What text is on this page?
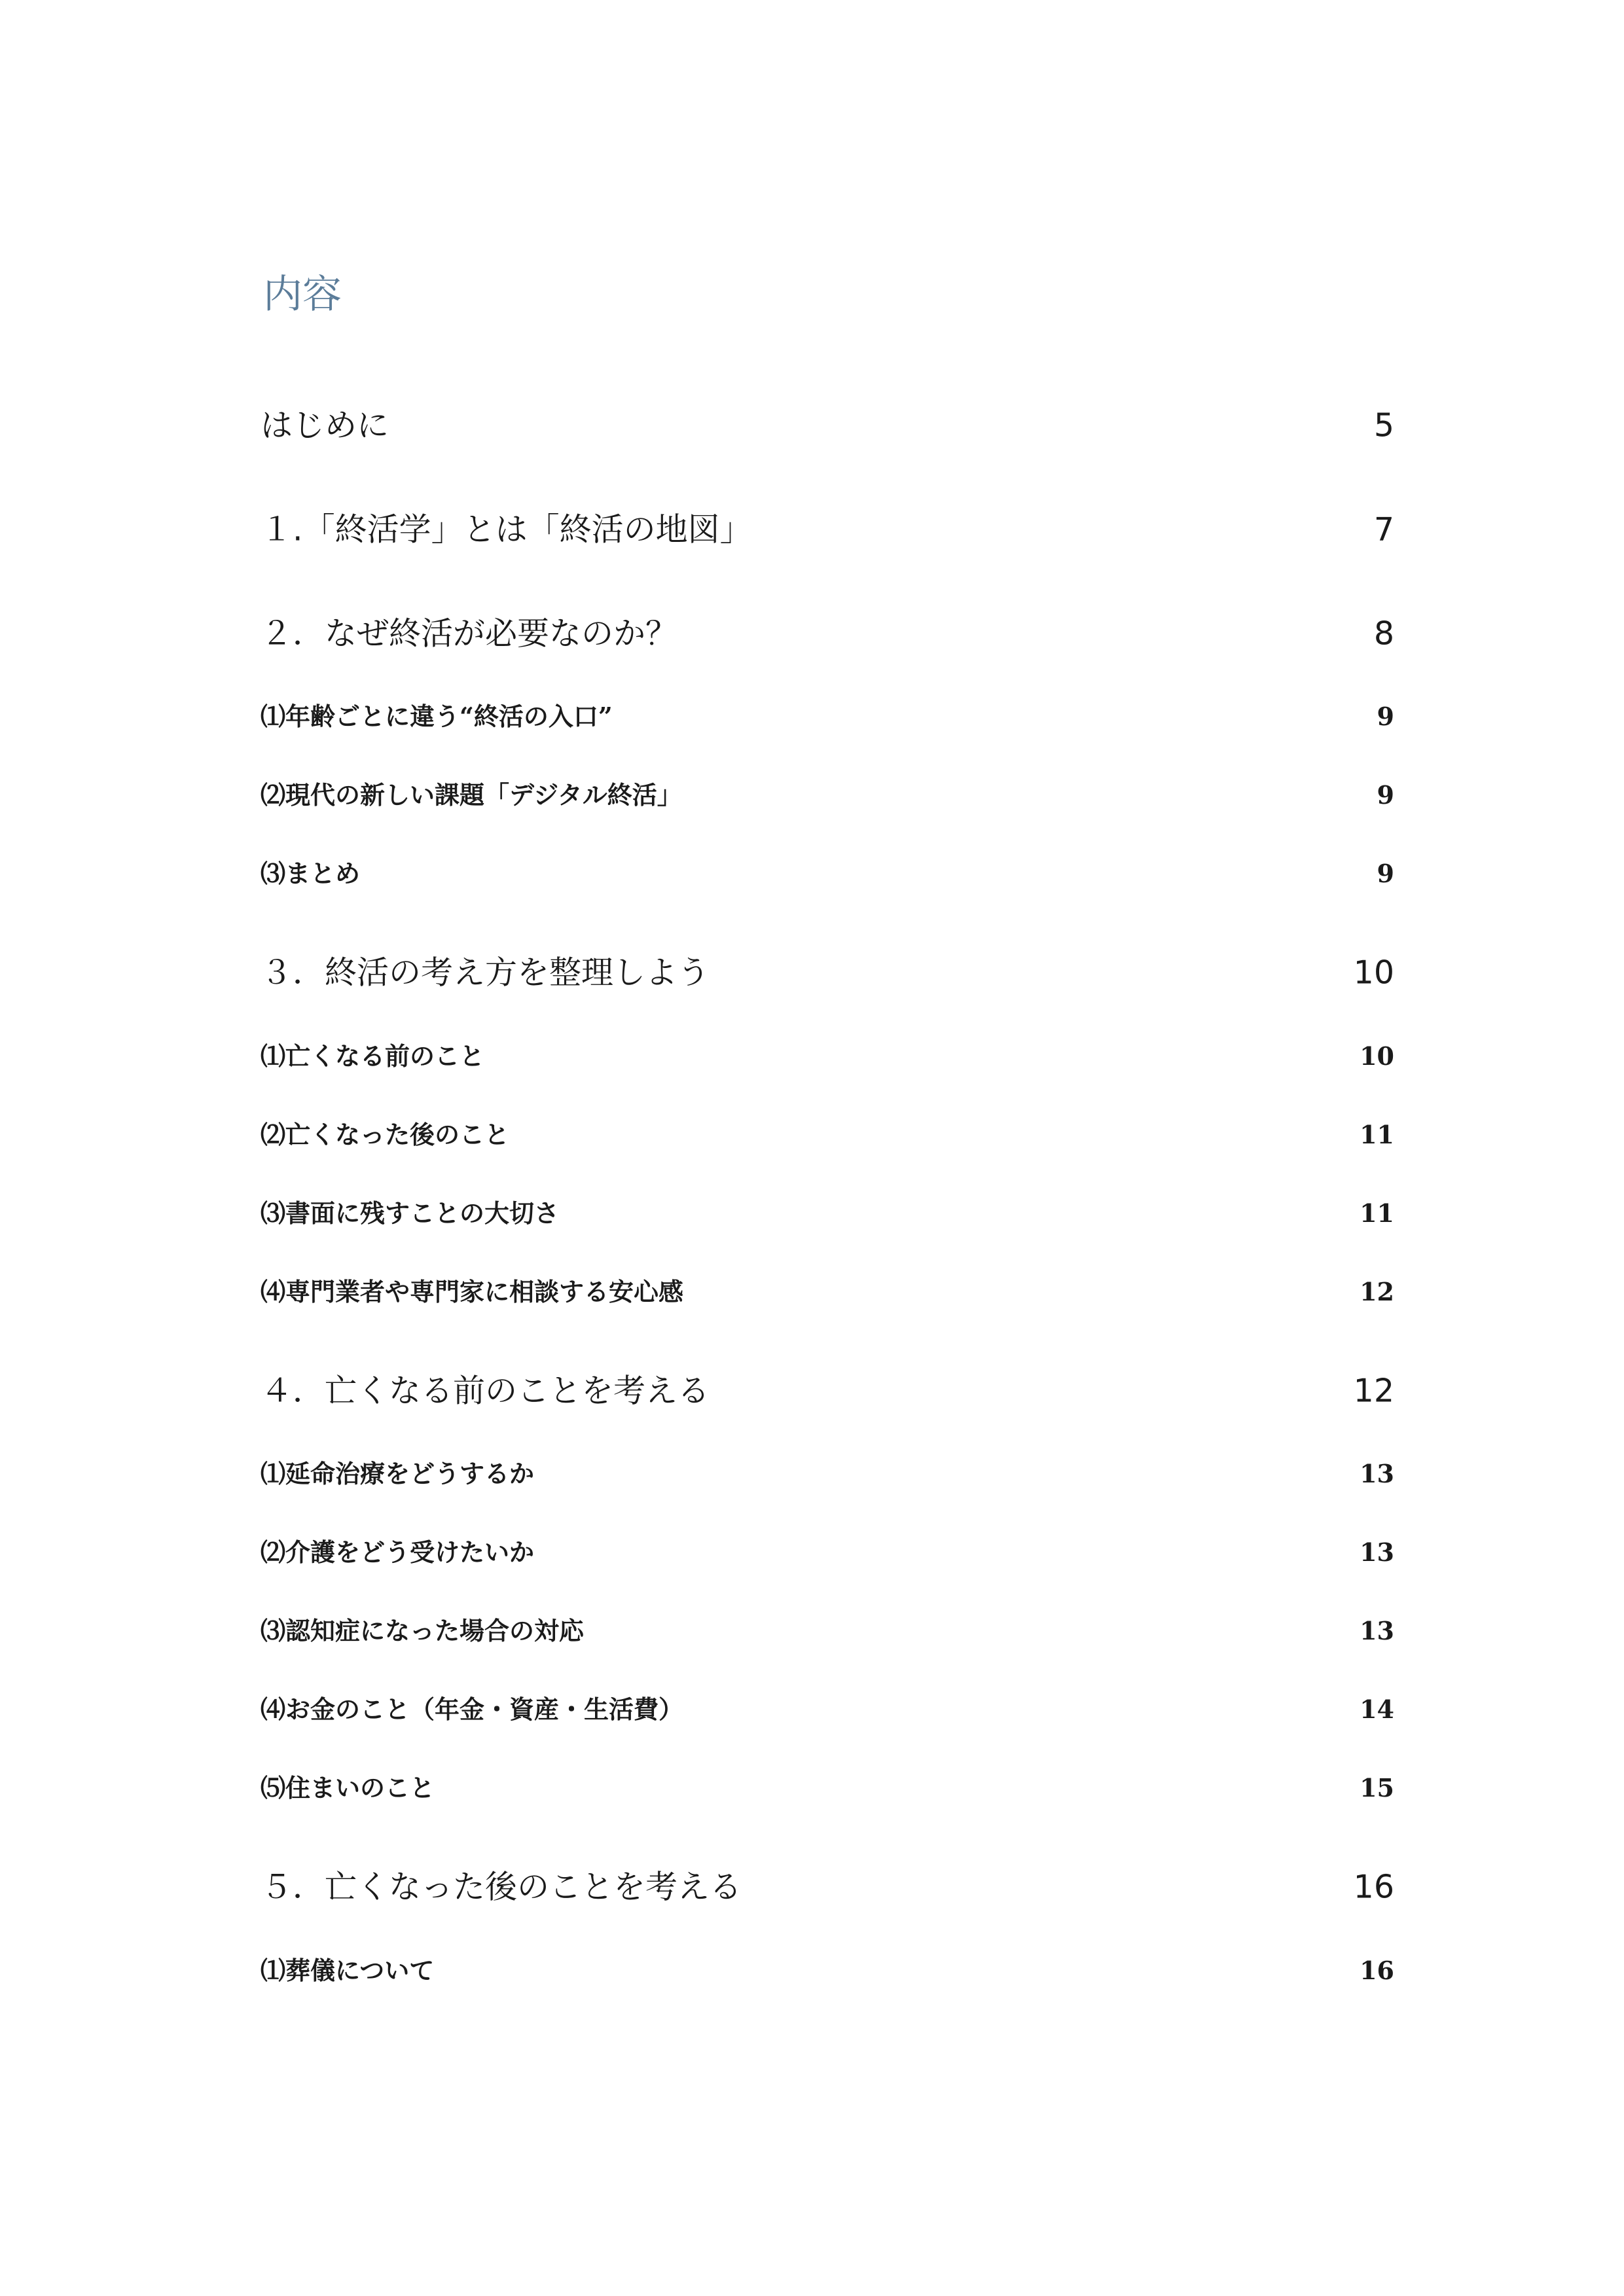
内容
はじめに	5
１.「終活学」とは「終活の地図」	7
２．なぜ終活が必要なのか？	8
⑴年齢ごとに違う“終活の入口”	9
⑵現代の新しい課題「デジタル終活」	9
⑶まとめ	9
３．終活の考え方を整理しよう	10
⑴亡くなる前のこと	10
⑵亡くなった後のこと	11
⑶書面に残すことの大切さ	11
⑷専門業者や専門家に相談する安心感	12
４．亡くなる前のことを考える	12
⑴延命治療をどうするか	13
⑵介護をどう受けたいか	13
⑶認知症になった場合の対応	13
⑷お金のこと（年金・資産・生活費）	14
⑸住まいのこと	15
５．亡くなった後のことを考える	16
⑴葬儀について	16
